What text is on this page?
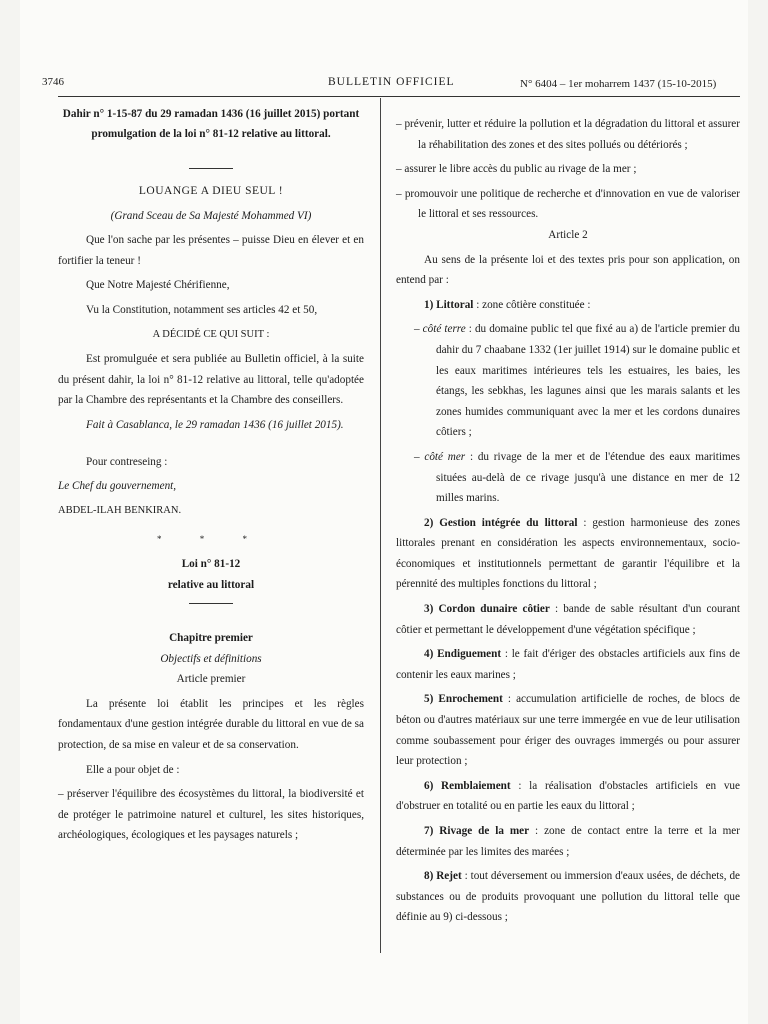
3746	BULLETIN OFFICIEL	N° 6404 – 1er moharrem 1437 (15-10-2015)

Dahir n° 1-15-87 du 29 ramadan 1436 (16 juillet 2015) portant promulgation de la loi n° 81-12 relative au littoral.

LOUANGE A DIEU SEUL !

(Grand Sceau de Sa Majesté Mohammed VI)

Que l'on sache par les présentes – puisse Dieu en élever et en fortifier la teneur !

Que Notre Majesté Chérifienne,

Vu la Constitution, notamment ses articles 42 et 50,

A DÉCIDÉ CE QUI SUIT :

Est promulguée et sera publiée au Bulletin officiel, à la suite du présent dahir, la loi n° 81-12 relative au littoral, telle qu'adoptée par la Chambre des représentants et la Chambre des conseillers.

Fait à Casablanca, le 29 ramadan 1436 (16 juillet 2015).

Pour contreseing :

Le Chef du gouvernement,

ABDEL-ILAH BENKIRAN.

* * *

Loi n° 81-12

relative au littoral

Chapitre premier

Objectifs et définitions

Article premier

La présente loi établit les principes et les règles fondamentaux d'une gestion intégrée durable du littoral en vue de sa protection, de sa mise en valeur et de sa conservation.

Elle a pour objet de :

– préserver l'équilibre des écosystèmes du littoral, la biodiversité et de protéger le patrimoine naturel et culturel, les sites historiques, archéologiques, écologiques et les paysages naturels ;

– prévenir, lutter et réduire la pollution et la dégradation du littoral et assurer la réhabilitation des zones et des sites pollués ou détériorés ;

– assurer le libre accès du public au rivage de la mer ;

– promouvoir une politique de recherche et d'innovation en vue de valoriser le littoral et ses ressources.

Article 2

Au sens de la présente loi et des textes pris pour son application, on entend par :

1) Littoral : zone côtière constituée :

– côté terre : du domaine public tel que fixé au a) de l'article premier du dahir du 7 chaabane 1332 (1er juillet 1914) sur le domaine public et les eaux maritimes intérieures tels les estuaires, les baies, les étangs, les sebkhas, les lagunes ainsi que les marais salants et les zones humides communiquant avec la mer et les cordons dunaires côtiers ;

– côté mer : du rivage de la mer et de l'étendue des eaux maritimes situées au-delà de ce rivage jusqu'à une distance en mer de 12 milles marins.

2) Gestion intégrée du littoral : gestion harmonieuse des zones littorales prenant en considération les aspects environnementaux, socio-économiques et institutionnels permettant de garantir l'équilibre et la pérennité des multiples fonctions du littoral ;

3) Cordon dunaire côtier : bande de sable résultant d'un courant côtier et permettant le développement d'une végétation spécifique ;

4) Endiguement : le fait d'ériger des obstacles artificiels aux fins de contenir les eaux marines ;

5) Enrochement : accumulation artificielle de roches, de blocs de béton ou d'autres matériaux sur une terre immergée en vue de leur utilisation comme soubassement pour ériger des ouvrages immergés ou pour assurer leur protection ;

6) Remblaiement : la réalisation d'obstacles artificiels en vue d'obstruer en totalité ou en partie les eaux du littoral ;

7) Rivage de la mer : zone de contact entre la terre et la mer déterminée par les limites des marées ;

8) Rejet : tout déversement ou immersion d'eaux usées, de déchets, de substances ou de produits provoquant une pollution du littoral telle que définie au 9) ci-dessous ;
